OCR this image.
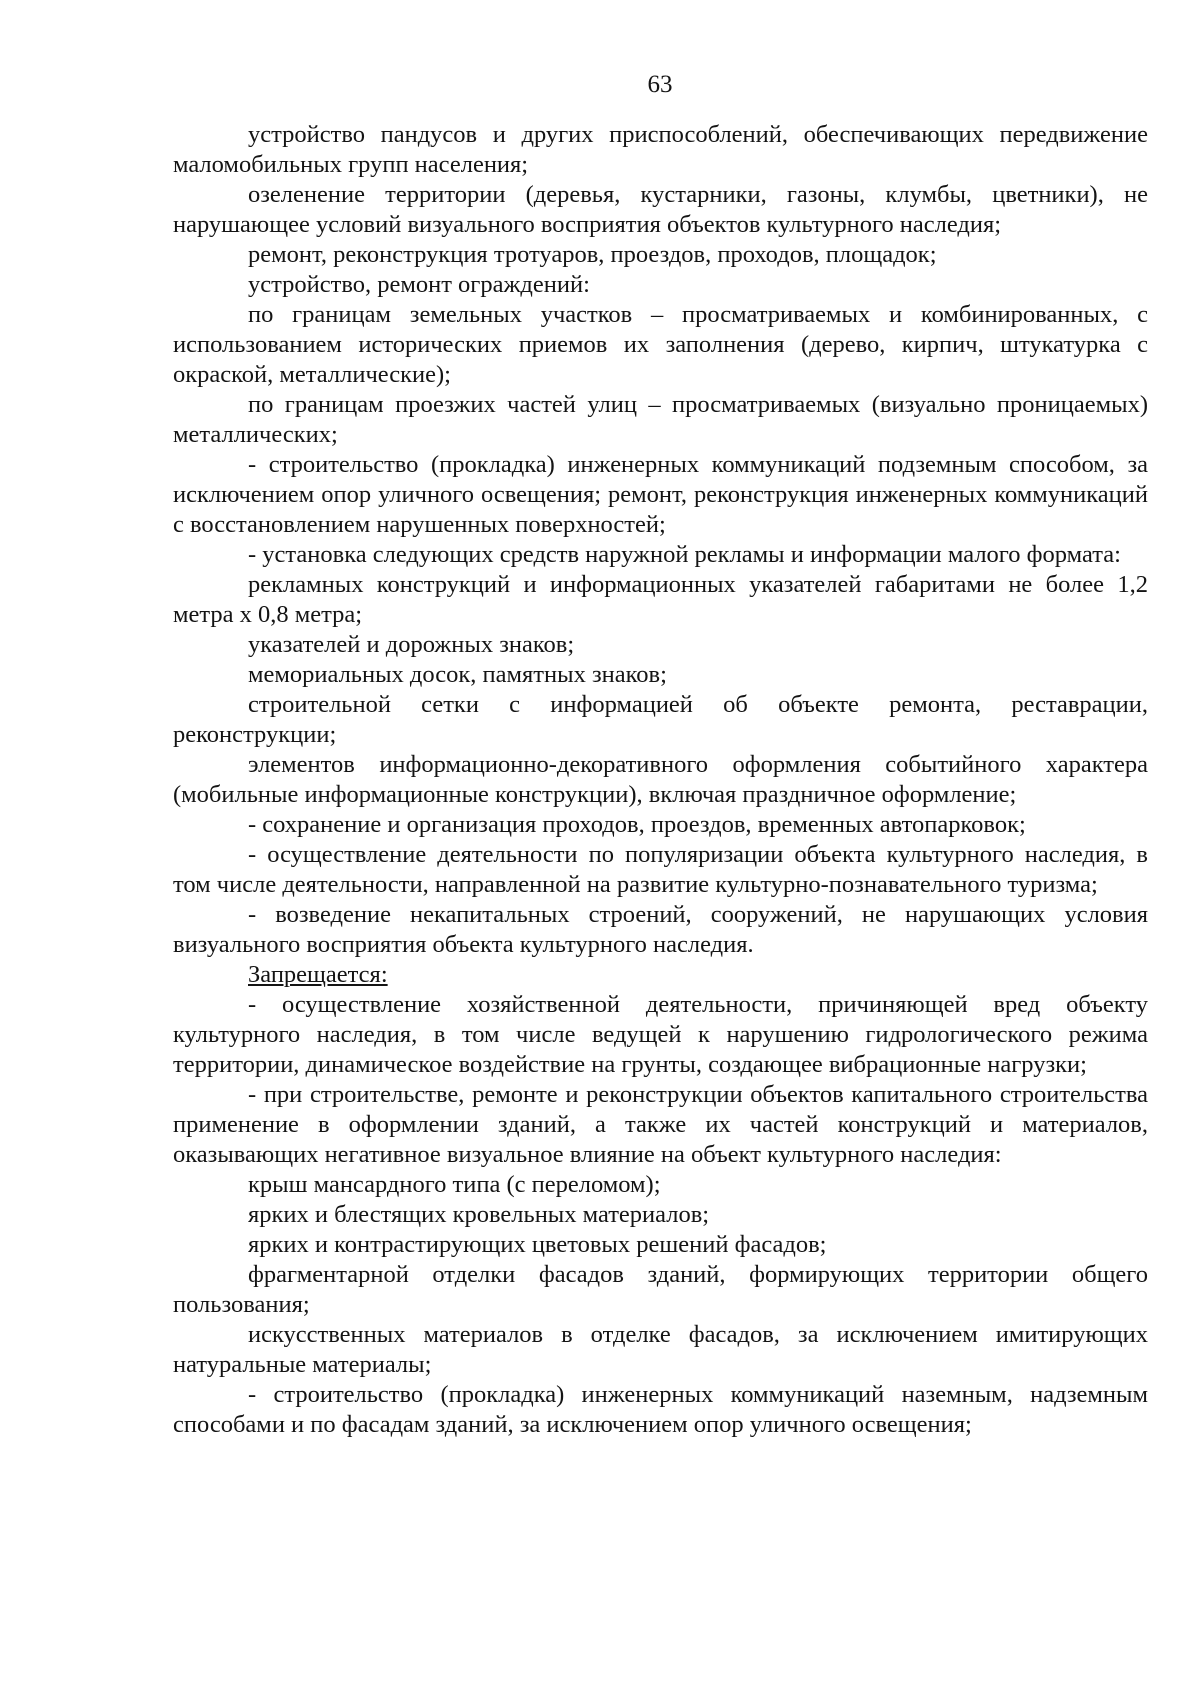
63

устройство пандусов и других приспособлений, обеспечивающих передвижение маломобильных групп населения;

озеленение территории (деревья, кустарники, газоны, клумбы, цветники), не нарушающее условий визуального восприятия объектов культурного наследия;

ремонт, реконструкция тротуаров, проездов, проходов, площадок;

устройство, ремонт ограждений:

по границам земельных участков – просматриваемых и комбинированных, с использованием исторических приемов их заполнения (дерево, кирпич, штукатурка с окраской, металлические);

по границам проезжих частей улиц – просматриваемых (визуально проницаемых) металлических;

- строительство (прокладка) инженерных коммуникаций подземным способом, за исключением опор уличного освещения; ремонт, реконструкция инженерных коммуникаций с восстановлением нарушенных поверхностей;

- установка следующих средств наружной рекламы и информации малого формата:

рекламных конструкций и информационных указателей габаритами не более 1,2 метра х 0,8 метра;

указателей и дорожных знаков;

мемориальных досок, памятных знаков;

строительной сетки с информацией об объекте ремонта, реставрации, реконструкции;

элементов информационно-декоративного оформления событийного характера (мобильные информационные конструкции), включая праздничное оформление;

- сохранение и организация проходов, проездов, временных автопарковок;

- осуществление деятельности по популяризации объекта культурного наследия, в том числе деятельности, направленной на развитие культурно-познавательного туризма;

- возведение некапитальных строений, сооружений, не нарушающих условия визуального восприятия объекта культурного наследия.

Запрещается:

- осуществление хозяйственной деятельности, причиняющей вред объекту культурного наследия, в том числе ведущей к нарушению гидрологического режима территории, динамическое воздействие на грунты, создающее вибрационные нагрузки;

- при строительстве, ремонте и реконструкции объектов капитального строительства применение в оформлении зданий, а также их частей конструкций и материалов, оказывающих негативное визуальное влияние на объект культурного наследия:

крыш мансардного типа (с переломом);

ярких и блестящих кровельных материалов;

ярких и контрастирующих цветовых решений фасадов;

фрагментарной отделки фасадов зданий, формирующих территории общего пользования;

искусственных материалов в отделке фасадов, за исключением имитирующих натуральные материалы;

- строительство (прокладка) инженерных коммуникаций наземным, надземным способами и по фасадам зданий, за исключением опор уличного освещения;
